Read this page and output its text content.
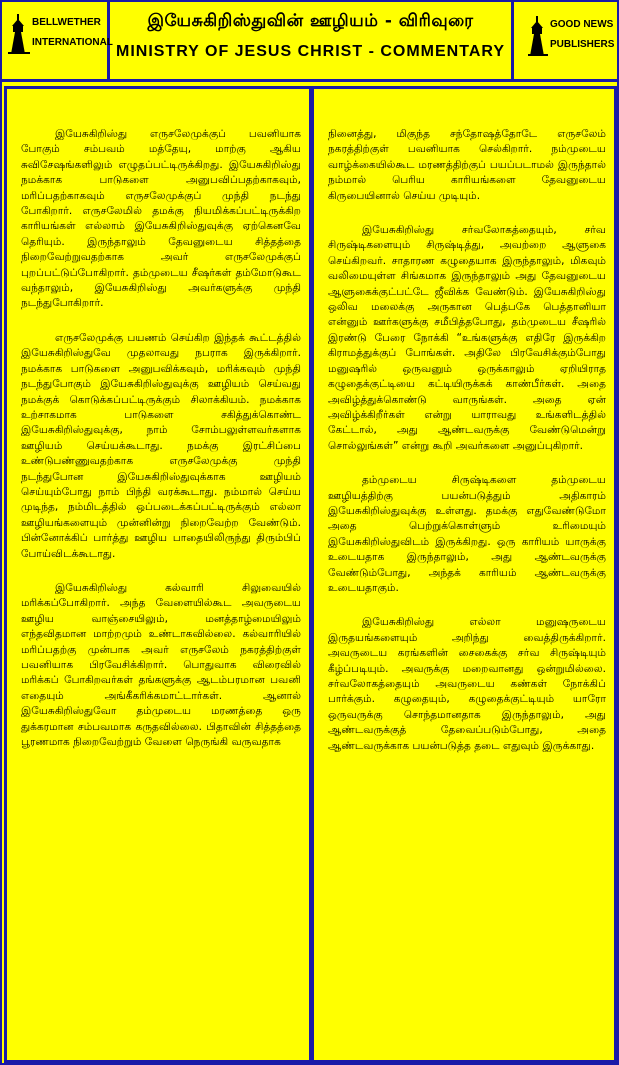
BELLWETHER
INTERNATIONAL
இயேசுகிறிஸ்துவின் ஊழியம் - விரிவுரை
MINISTRY OF JESUS CHRIST - COMMENTARY
GOOD NEWS
PUBLISHERS

இயேசுகிறிஸ்து எருசலேமுக்குப் பவனியாக போகும் சம்பவம் மத்தேயு, மாற்கு ஆகிய சுவிசேஷங்களிலும் எழுதப்பட்டிருக்கிறது. இயேசுகிறிஸ்து நமக்காக பாடுகளை அனுபவிப்பதற்காகவும், மரிப்பதற்காகவும் எருசலேமுக்குப் முந்தி நடந்து போகிறார். எருசலேமில் தமக்கு நியமிக்கப்பட்டிருக்கிற காரியங்கள் எல்லாம் இயேசுகிறிஸ்துவுக்கு ஏற்கெனவே தெரியும். இருந்தாலும் தேவனுடைய சித்தத்தை நிறைவேற்றுவதற்காக அவர் எருசலேமுக்குப் புறப்பட்டுப்போகிறார். தம்முடைய சீஷர்கள் தம்மோடுகூட வந்தாலும், இயேசுகிறிஸ்து அவர்களுக்கு முந்தி நடந்துபோகிறார்.

எருசலேமுக்கு பயணம் செய்கிற இந்தக் கூட்டத்தில் இயேசுகிறிஸ்துவே முதலாவது நபராக இருக்கிறார். நமக்காக பாடுகளை அனுபவிக்கவும், மரிக்கவும் முந்தி நடந்துபோகும் இயேசுகிறிஸ்துவுக்கு ஊழியம் செய்வது நமக்குக் கொடுக்கப்பட்டிருக்கும் சிலாக்கியம். நமக்காக உற்சாகமாக பாடுகளை சகித்துக்கொண்ட இயேசுகிறிஸ்துவுக்கு, நாம் சோம்பலுள்ளவர்களாக ஊழியம் செய்யக்கூடாது. நமக்கு இரட்சிப்பை உண்டுபண்ணுவதற்காக எருசலேமுக்கு முந்தி நடந்துபோன இயேசுகிறிஸ்துவுக்காக ஊழியம் செய்யும்போது நாம் பிந்தி வரக்கூடாது. நம்மால் செய்ய முடிந்த, நம்மிடத்தில் ஒப்படைக்கப்பட்டிருக்கும் எல்லா ஊழியங்களையும் முன்னின்று நிறைவேற்ற வேண்டும். பின்னோக்கிப் பார்த்து ஊழிய பாதையிலிருந்து திரும்பிப் போய்விடக்கூடாது.

இயேசுகிறிஸ்து கல்வாரி சிலுவையில் மரிக்கப்போகிறார். அந்த வேளையில்கூட அவருடைய ஊழிய வாஞ்சையிலும், மனத்தாழ்மையிலும் எந்தவிதமான மாற்றமும் உண்டாகவில்லை. கல்வாரியில் மரிப்பதற்கு முன்பாக அவர் எருசலேம் நகரத்திற்குள் பவனியாக பிரவேசிக்கிறார். பொதுவாக விரைவில் மரிக்கப் போகிறவர்கள் தங்களுக்கு ஆடம்பரமான பவனி எதையும் அங்கீகரிக்கமாட்டார்கள். ஆனால் இயேசுகிறிஸ்துவோ தம்முடைய மரணத்தை ஒரு துக்கரமான சம்பவமாக கருதவில்லை. பிதாவின் சித்தத்தை பூரணமாக நிறைவேற்றும் வேளை நெருங்கி வருவதாக

நினைத்து, மிகுந்த சந்தோஷத்தோடே எருசலேம் நகரத்திற்குள் பவனியாக செல்கிறார். நம்முடைய வாழ்க்கையில்கூட மரணத்திற்குப் பயப்படாமல் இருந்தால் நம்மால் பெரிய காரியங்களை தேவனுடைய கிருபையினால் செய்ய முடியும்.

இயேசுகிறிஸ்து சர்வலோகத்தையும், சர்வ சிருஷ்டிகளையும் சிருஷ்டித்து, அவற்றை ஆளுகை செய்கிறவர். சாதாரண கழுதையாக இருந்தாலும், மிகவும் வலிமையுள்ள சிங்கமாக இருந்தாலும் அது தேவனுடைய ஆளுகைக்குட்பட்டே ஜீவிக்க வேண்டும். இயேசுகிறிஸ்து ஒலிவ மலைக்கு அருகான பெத்பகே பெத்தானியா என்னும் ஊர்களுக்கு சமீபித்தபோது, தம்முடைய சீஷரில் இரண்டு பேரை நோக்கி “உங்களுக்கு எதிரே இருக்கிற கிராமத்துக்குப் போங்கள். அதிலே பிரவேசிக்கும்போது மனுஷரில் ஒருவனும் ஒருக்காலும் ஏறியிராத கழுதைக்குட்டியை கட்டியிருக்கக் காண்பீர்கள். அதை அவிழ்த்துக்கொண்டு வாருங்கள். அதை ஏன் அவிழ்க்கிறீர்கள் என்று யாராவது உங்களிடத்தில் கேட்டால், அது ஆண்டவருக்கு வேண்டுமென்று சொல்லுங்கள்” என்று கூறி அவர்களை அனுப்புகிறார்.

தம்முடைய சிருஷ்டிகளை தம்முடைய ஊழியத்திற்கு பயன்படுத்தும் அதிகாரம் இயேசுகிறிஸ்துவுக்கு உள்ளது. தமக்கு எதுவேண்டுமோ அதை பெற்றுக்கொள்ளும் உரிமையும் இயேசுகிறிஸ்துவிடம் இருக்கிறது. ஒரு காரியம் யாருக்கு உடையதாக இருந்தாலும், அது ஆண்டவருக்கு வேண்டும்போது, அந்தக் காரியம் ஆண்டவருக்கு உடையதாகும்.

இயேசுகிறிஸ்து எல்லா மனுஷருடைய இருதயங்களையும் அறிந்து வைத்திருக்கிறார். அவருடைய கரங்களின் சைகைக்கு சர்வ சிருஷ்டியும் கீழ்ப்படியும். அவருக்கு மறைவானது ஒன்றுமில்லை. சர்வலோகத்தையும் அவருடைய கண்கள் நோக்கிப் பார்க்கும். கழுதையும், கழுதைக்குட்டியும் யாரோ ஒருவருக்கு சொந்தமானதாக இருந்தாலும், அது ஆண்டவருக்குத் தேவைப்படும்போது, அதை ஆண்டவருக்காக பயன்படுத்த தடை எதுவும் இருக்காது.
